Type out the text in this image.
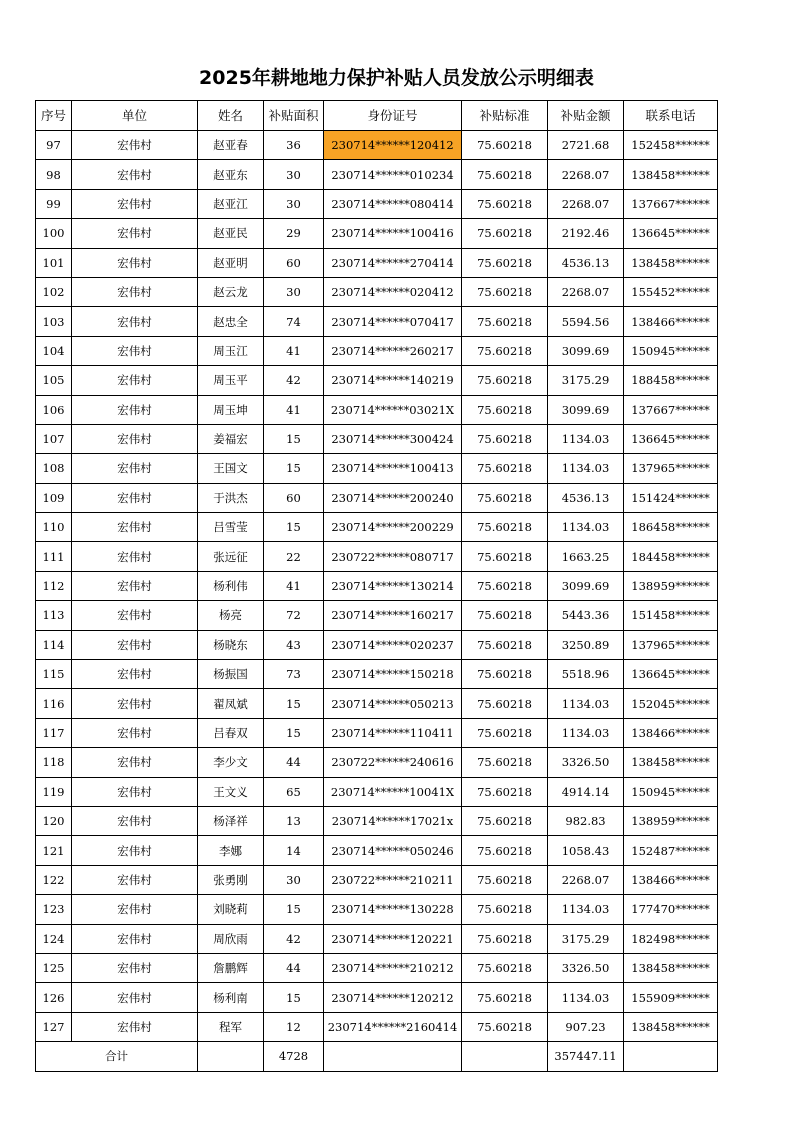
2025年耕地地力保护补贴人员发放公示明细表
序号	单位	姓名	补贴面积	身份证号	补贴标准	补贴金额	联系电话
97	宏伟村	赵亚春	36	230714******120412	75.60218	2721.68	152458******
98	宏伟村	赵亚东	30	230714******010234	75.60218	2268.07	138458******
99	宏伟村	赵亚江	30	230714******080414	75.60218	2268.07	137667******
100	宏伟村	赵亚民	29	230714******100416	75.60218	2192.46	136645******
101	宏伟村	赵亚明	60	230714******270414	75.60218	4536.13	138458******
102	宏伟村	赵云龙	30	230714******020412	75.60218	2268.07	155452******
103	宏伟村	赵忠全	74	230714******070417	75.60218	5594.56	138466******
104	宏伟村	周玉江	41	230714******260217	75.60218	3099.69	150945******
105	宏伟村	周玉平	42	230714******140219	75.60218	3175.29	188458******
106	宏伟村	周玉坤	41	230714******03021X	75.60218	3099.69	137667******
107	宏伟村	姜福宏	15	230714******300424	75.60218	1134.03	136645******
108	宏伟村	王国文	15	230714******100413	75.60218	1134.03	137965******
109	宏伟村	于洪杰	60	230714******200240	75.60218	4536.13	151424******
110	宏伟村	吕雪莹	15	230714******200229	75.60218	1134.03	186458******
111	宏伟村	张远征	22	230722******080717	75.60218	1663.25	184458******
112	宏伟村	杨利伟	41	230714******130214	75.60218	3099.69	138959******
113	宏伟村	杨亮	72	230714******160217	75.60218	5443.36	151458******
114	宏伟村	杨晓东	43	230714******020237	75.60218	3250.89	137965******
115	宏伟村	杨振国	73	230714******150218	75.60218	5518.96	136645******
116	宏伟村	翟凤斌	15	230714******050213	75.60218	1134.03	152045******
117	宏伟村	吕春双	15	230714******110411	75.60218	1134.03	138466******
118	宏伟村	李少文	44	230722******240616	75.60218	3326.50	138458******
119	宏伟村	王文义	65	230714******10041X	75.60218	4914.14	150945******
120	宏伟村	杨泽祥	13	230714******17021x	75.60218	982.83	138959******
121	宏伟村	李娜	14	230714******050246	75.60218	1058.43	152487******
122	宏伟村	张勇刚	30	230722******210211	75.60218	2268.07	138466******
123	宏伟村	刘晓莉	15	230714******130228	75.60218	1134.03	177470******
124	宏伟村	周欣雨	42	230714******120221	75.60218	3175.29	182498******
125	宏伟村	詹鹏辉	44	230714******210212	75.60218	3326.50	138458******
126	宏伟村	杨利南	15	230714******120212	75.60218	1134.03	155909******
127	宏伟村	程军	12	230714******2160414	75.60218	907.23	138458******
合计			4728			357447.11	
